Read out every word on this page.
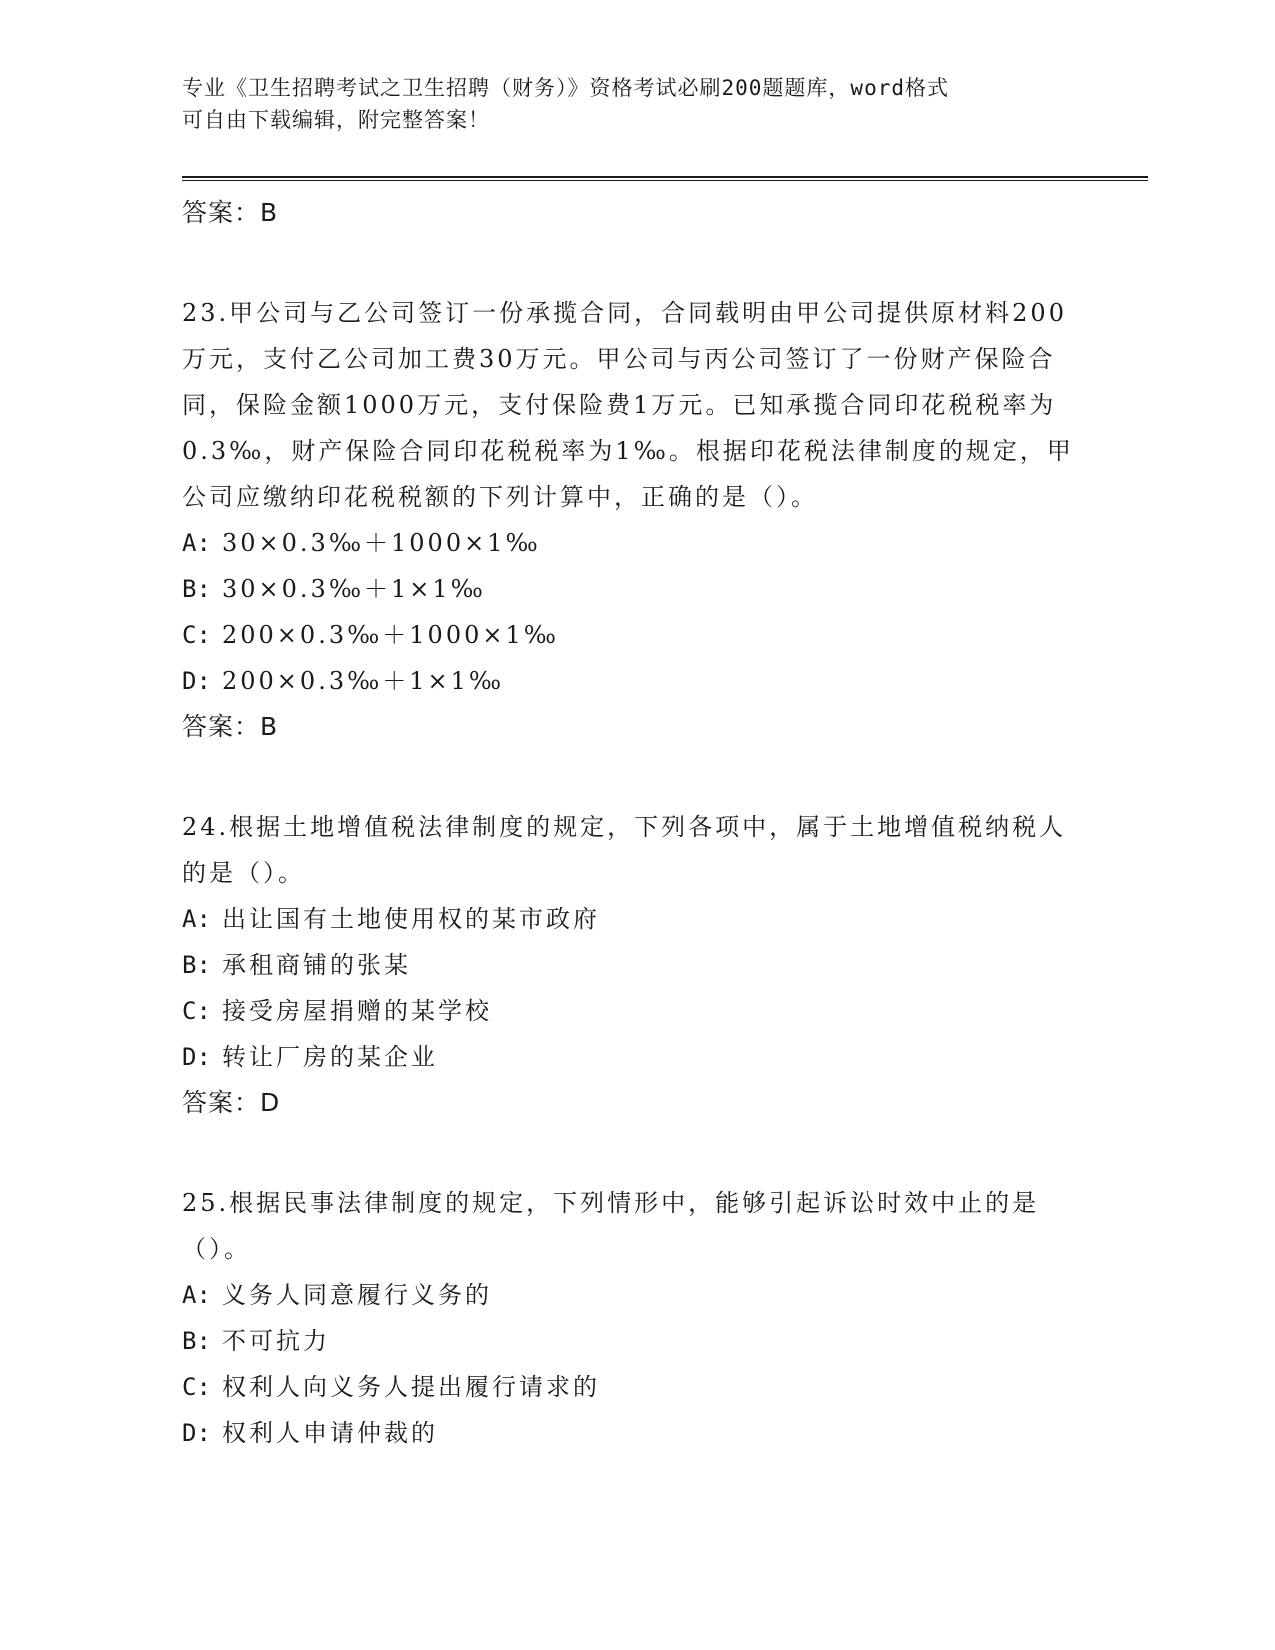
专业《卫生招聘考试之卫生招聘（财务）》资格考试必刷200题题库，word格式
可自由下载编辑，附完整答案！
答案：B
23.甲公司与乙公司签订一份承揽合同，合同载明由甲公司提供原材料200万元，支付乙公司加工费30万元。甲公司与丙公司签订了一份财产保险合同，保险金额1000万元，支付保险费1万元。已知承揽合同印花税税率为0.3‰，财产保险合同印花税税率为1‰。根据印花税法律制度的规定，甲公司应缴纳印花税税额的下列计算中，正确的是（）。
A: 30×0.3‰＋1000×1‰
B: 30×0.3‰＋1×1‰
C: 200×0.3‰＋1000×1‰
D: 200×0.3‰＋1×1‰
答案：B
24.根据土地增值税法律制度的规定，下列各项中，属于土地增值税纳税人的是（）。
A: 出让国有土地使用权的某市政府
B: 承租商铺的张某
C: 接受房屋捐赠的某学校
D: 转让厂房的某企业
答案：D
25.根据民事法律制度的规定，下列情形中，能够引起诉讼时效中止的是（）。
A: 义务人同意履行义务的
B: 不可抗力
C: 权利人向义务人提出履行请求的
D: 权利人申请仲裁的
